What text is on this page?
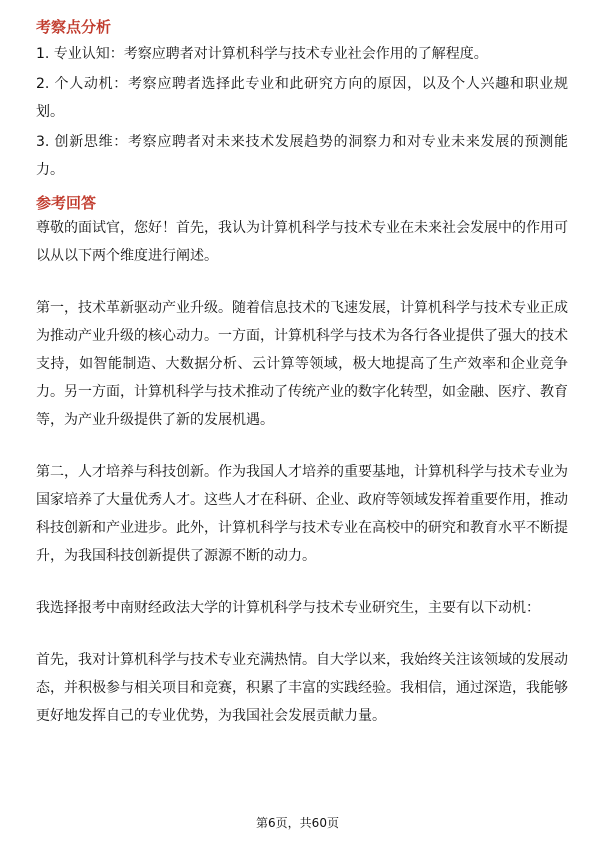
考察点分析

1. 专业认知：考察应聘者对计算机科学与技术专业社会作用的了解程度。

2. 个人动机：考察应聘者选择此专业和此研究方向的原因，以及个人兴趣和职业规划。

3. 创新思维：考察应聘者对未来技术发展趋势的洞察力和对专业未来发展的预测能力。

参考回答

尊敬的面试官，您好！首先，我认为计算机科学与技术专业在未来社会发展中的作用可以从以下两个维度进行阐述。

第一，技术革新驱动产业升级。随着信息技术的飞速发展，计算机科学与技术专业正成为推动产业升级的核心动力。一方面，计算机科学与技术为各行各业提供了强大的技术支持，如智能制造、大数据分析、云计算等领域，极大地提高了生产效率和企业竞争力。另一方面，计算机科学与技术推动了传统产业的数字化转型，如金融、医疗、教育等，为产业升级提供了新的发展机遇。

第二，人才培养与科技创新。作为我国人才培养的重要基地，计算机科学与技术专业为国家培养了大量优秀人才。这些人才在科研、企业、政府等领域发挥着重要作用，推动科技创新和产业进步。此外，计算机科学与技术专业在高校中的研究和教育水平不断提升，为我国科技创新提供了源源不断的动力。

我选择报考中南财经政法大学的计算机科学与技术专业研究生，主要有以下动机：

首先，我对计算机科学与技术专业充满热情。自大学以来，我始终关注该领域的发展动态，并积极参与相关项目和竞赛，积累了丰富的实践经验。我相信，通过深造，我能够更好地发挥自己的专业优势，为我国社会发展贡献力量。

第6页，共60页
